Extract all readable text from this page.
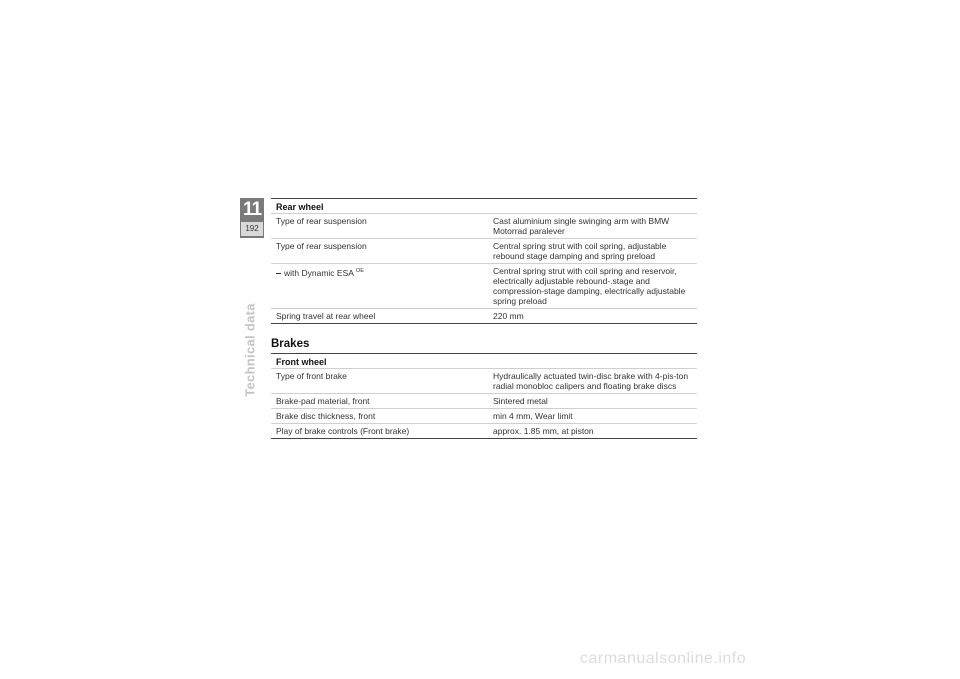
11
192
Technical data
Rear wheel
Type of rear suspension	Cast aluminium single swinging arm with BMW Motorrad paralever
Type of rear suspension	Central spring strut with coil spring, adjustable rebound stage damping and spring preload
with Dynamic ESA $^{OE}$	Central spring strut with coil spring and reservoir, electrically adjustable rebound-.stage and compression-stage damping, electrically adjustable spring preload
Spring travel at rear wheel	220 mm
Brakes
Front wheel
Type of front brake	Hydraulically actuated twin-disc brake with 4-pis-ton radial monobloc calipers and floating brake discs
Brake-pad material, front	Sintered metal
Brake disc thickness, front	min 4 mm, Wear limit
Play of brake controls (Front brake)	approx. 1.85 mm, at piston
carmanualsonline.info
